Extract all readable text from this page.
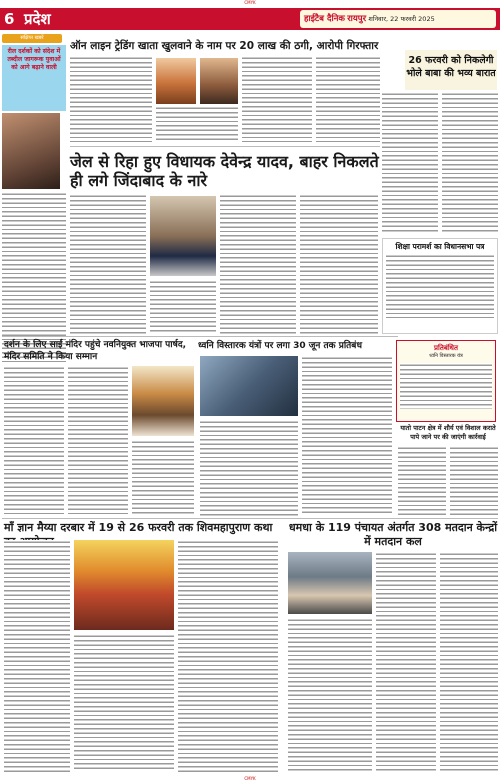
CMYK
6 प्रदेश	हाईटैब दैनिक रायपुर शनिवार, 22 फरवरी 2025
संक्षिप्त खबरें
रील दर्शकों को संदेश में तब्दील जागरूक युवाओं को आगे बढ़ाने वाली
ऑन लाइन ट्रेडिंग खाता खुलवाने के नाम पर 20 लाख की ठगी, आरोपी गिरफ्तार
जेल से रिहा हुए विधायक देवेन्द्र यादव, बाहर निकलते ही लगे जिंदाबाद के नारे
26 फरवरी को निकलेगी भोले बाबा की भव्य बारात
शिक्षा परामर्श का विधानसभा पत्र
दर्शन के लिए साईं मंदिर पहुंचे नवनियुक्त भाजपा पार्षद, मंदिर समिति ने किया सम्मान
ध्वनि विस्तारक यंत्रों पर लगा 30 जून तक प्रतिबंध	प्रतिबंधित
ध्वनि विस्तारक यंत्र
यातो पाटन क्षेत्र में शौर्य एवं विशाल कराते पापे जाने पर की जाएंगी कार्रवाई
माँ ज्ञान मैय्या दरबार में 19 से 26 फरवरी तक शिवमहापुराण कथा	धमधा के 119 पंचायत अंतर्गत 308 मतदान केन्द्रों में मतदान कल
CMYK
